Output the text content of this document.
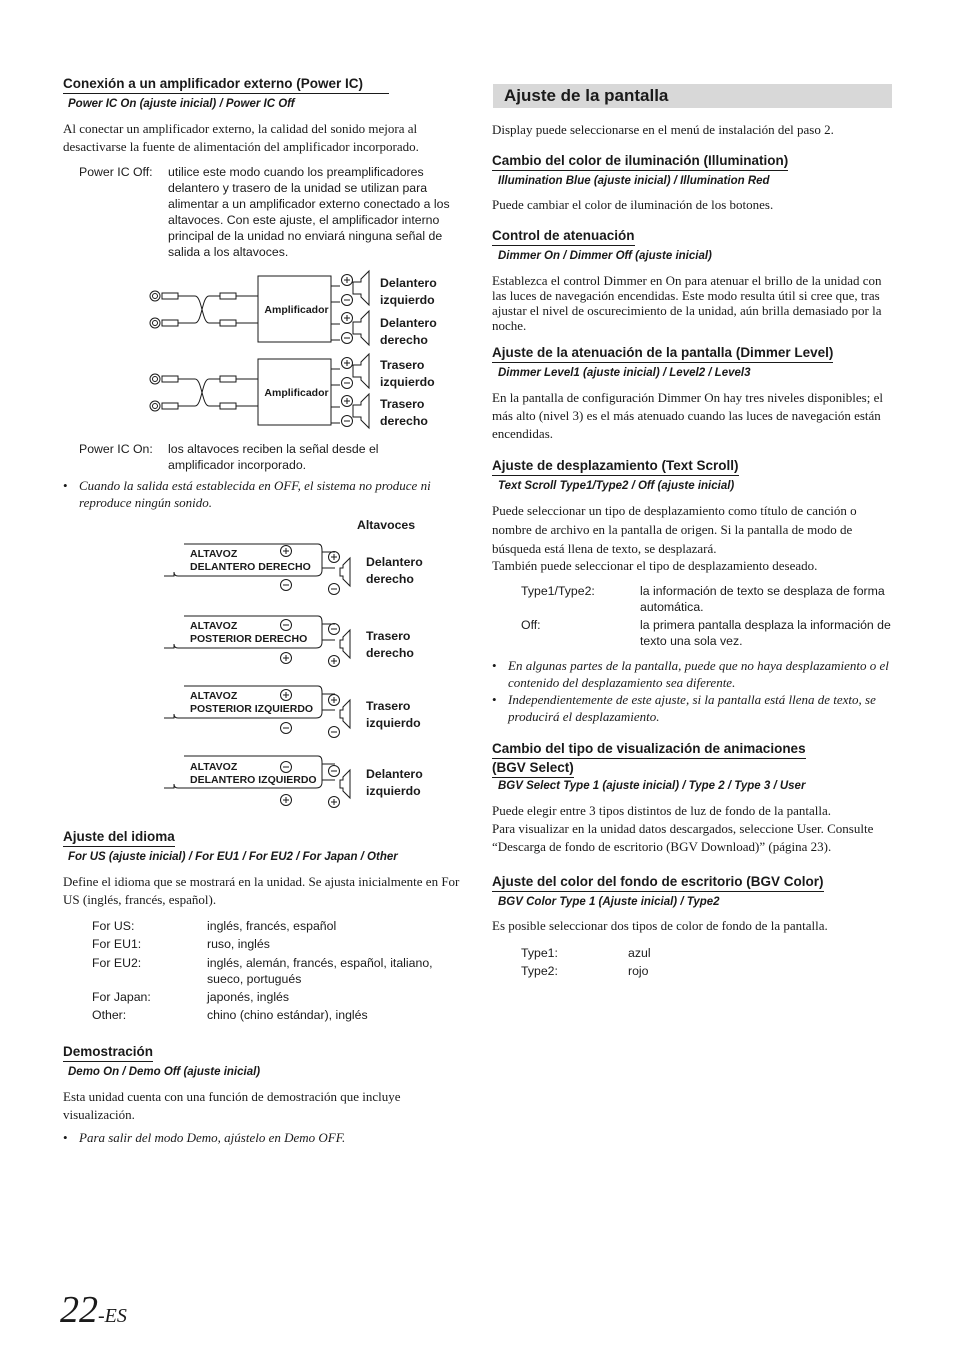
Conexión a un amplificador externo (Power IC)
Power IC On (ajuste inicial) / Power IC Off
Al conectar un amplificador externo, la calidad del sonido mejora al desactivarse la fuente de alimentación del amplificador incorporado.
Power IC Off: utilice este modo cuando los preamplificadores delantero y trasero de la unidad se utilizan para alimentar a un amplificador externo conectado a los altavoces. Con este ajuste, el amplificador interno principal de la unidad no enviará ninguna señal de salida a los altavoces.
Amplificador
Amplificador
Delantero
izquierdo
Delantero
derecho
Trasero
izquierdo
Trasero
derecho
Power IC On: los altavoces reciben la señal desde el amplificador incorporado.
• Cuando la salida está establecida en OFF, el sistema no produce ni reproduce ningún sonido.
Altavoces
ALTAVOZ
DELANTERO DERECHO	Delantero
derecho
ALTAVOZ
POSTERIOR DERECHO	Trasero
derecho
ALTAVOZ
POSTERIOR IZQUIERDO	Trasero
izquierdo
ALTAVOZ
DELANTERO IZQUIERDO	Delantero
izquierdo
Ajuste del idioma
For US (ajuste inicial) / For EU1 / For EU2 / For Japan / Other
Define el idioma que se mostrará en la unidad. Se ajusta inicialmente en For US (inglés, francés, español).
For US:	inglés, francés, español
For EU1:	ruso, inglés
For EU2:	inglés, alemán, francés, español, italiano, sueco, portugués
For Japan:	japonés, inglés
Other:	chino (chino estándar), inglés
Demostración
Demo On / Demo Off (ajuste inicial)
Esta unidad cuenta con una función de demostración que incluye visualización.
• Para salir del modo Demo, ajústelo en Demo OFF.
Ajuste de la pantalla
Display puede seleccionarse en el menú de instalación del paso 2.
Cambio del color de iluminación (Illumination)
Illumination Blue (ajuste inicial) / Illumination Red
Puede cambiar el color de iluminación de los botones.
Control de atenuación
Dimmer On / Dimmer Off (ajuste inicial)
Establezca el control Dimmer en On para atenuar el brillo de la unidad con las luces de navegación encendidas. Este modo resulta útil si cree que, tras ajustar el nivel de oscurecimiento de la unidad, aún brilla demasiado por la noche.
Ajuste de la atenuación de la pantalla (Dimmer Level)
Dimmer Level1 (ajuste inicial) / Level2 / Level3
En la pantalla de configuración Dimmer On hay tres niveles disponibles; el más alto (nivel 3) es el más atenuado cuando las luces de navegación están encendidas.
Ajuste de desplazamiento (Text Scroll)
Text Scroll Type1/Type2 / Off (ajuste inicial)
Puede seleccionar un tipo de desplazamiento como título de canción o nombre de archivo en la pantalla de origen. Si la pantalla de modo de búsqueda está llena de texto, se desplazará.
También puede seleccionar el tipo de desplazamiento deseado.
Type1/Type2:	la información de texto se desplaza de forma automática.
Off:	la primera pantalla desplaza la información de texto una sola vez.
• En algunas partes de la pantalla, puede que no haya desplazamiento o el contenido del desplazamiento sea diferente.
• Independientemente de este ajuste, si la pantalla está llena de texto, se producirá el desplazamiento.
Cambio del tipo de visualización de animaciones
(BGV Select)
BGV Select Type 1 (ajuste inicial) / Type 2 / Type 3 / User
Puede elegir entre 3 tipos distintos de luz de fondo de la pantalla.
Para visualizar en la unidad datos descargados, seleccione User. Consulte “Descarga de fondo de escritorio (BGV Download)” (página 23).
Ajuste del color del fondo de escritorio (BGV Color)
BGV Color Type 1 (Ajuste inicial) / Type2
Es posible seleccionar dos tipos de color de fondo de la pantalla.
Type1:	azul
Type2:	rojo
22-ES
